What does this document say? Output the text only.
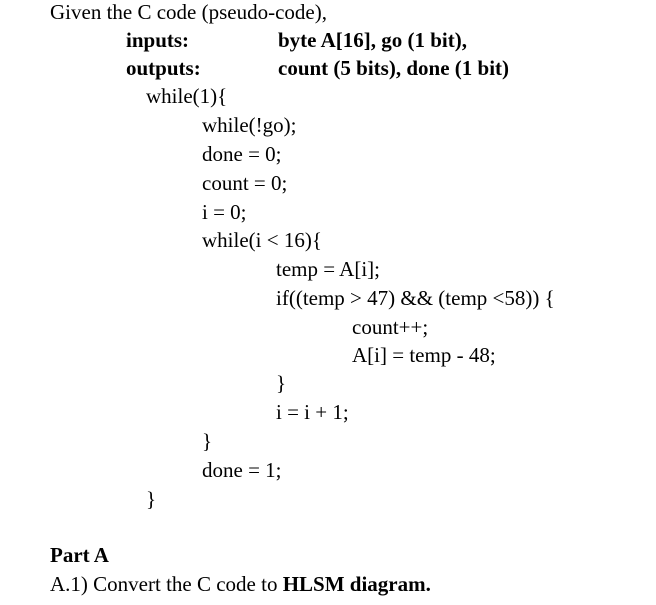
Given the C code (pseudo-code),
inputs:	byte A[16], go (1 bit),
outputs:	count (5 bits), done (1 bit)
while(1){
while(!go);
done = 0;
count = 0;
i = 0;
while(i < 16){
temp = A[i];
if((temp > 47) && (temp <58)) {
count++;
A[i] = temp - 48;
}
i = i + 1;
}
done = 1;
}
Part A
A.1) Convert the C code to HLSM diagram.
